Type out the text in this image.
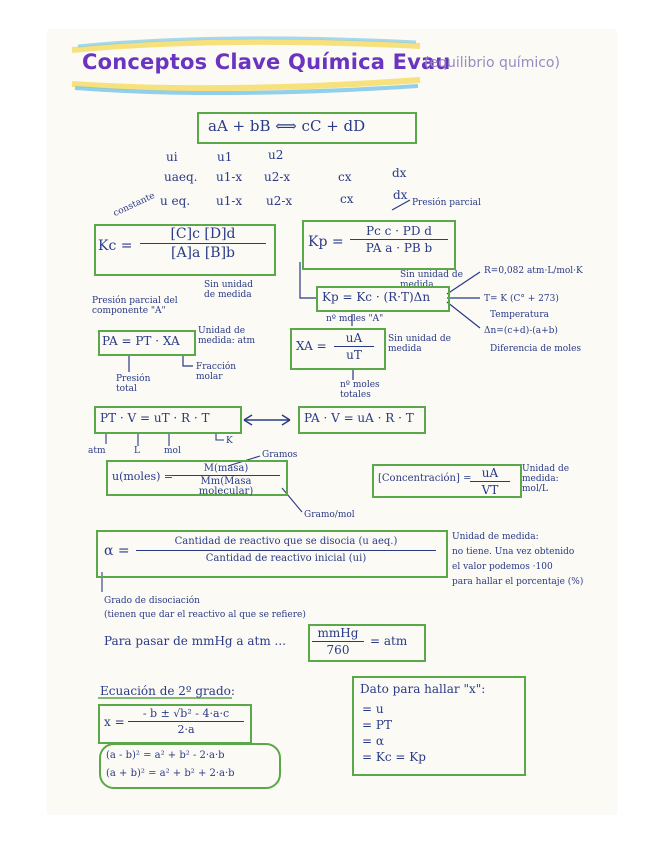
Conceptos Clave Química Evau
(equilibrio químico)
aA + bB ⟺ cC + dD
ui	u1	u2
uaeq. u1-x u2-x	cx	dx
constante u eq. u1-x u2-x	cx	dx
Presión parcial
$Kc = \frac{[C]c [D]d}{[A]a [B]b}$
Sin unidad de medida
$Kp = \frac{\text{Pc c · PD d}}{\text{PA a · PB b}}$
Sin unidad de medida
Kp = Kc · (R·T)Δn
R=0,082 atm·L/mol·K
T= K (C° + 273)
Temperatura
Δn=(c+d)-(a+b)
Diferencia de moles
Presión parcial del componente "A"
PA = PT · XA
Unidad de medida: atm
Presión total
Fracción molar
nº moles "A"
XA = $\frac{uA}{uT}$ Sin unidad de medida
nº moles totales
PT · V = uT · R · T	PA · V = uA · R · T
atm	L	mol
K
Gramos
u(moles) =
M(masa)
Mm(Masa molecular)
Gramo/mol
[Concentración] =
$\frac{uA}{VT}$ Unidad de medida: mol/L
α =
Cantidad de reactivo que se disocia (u aeq.)
Cantidad de reactivo inicial (ui)
Unidad de medida:
no tiene. Una vez obtenido
el valor podemos ·100
para hallar el porcentaje (%)
Grado de disociación
(tienen que dar el reactivo al que se refiere)
Para pasar de mmHg a atm ...
mmHg
760
= atm
Ecuación de 2º grado:
$x = \frac{\text{- b ± √b² - 4·a·c}}{2\cdot a}$
(a - b)² = a² + b² - 2·a·b
(a + b)² = a² + b² + 2·a·b
Dato para hallar "x":
= u
= PT
= α
= Kc = Kp
